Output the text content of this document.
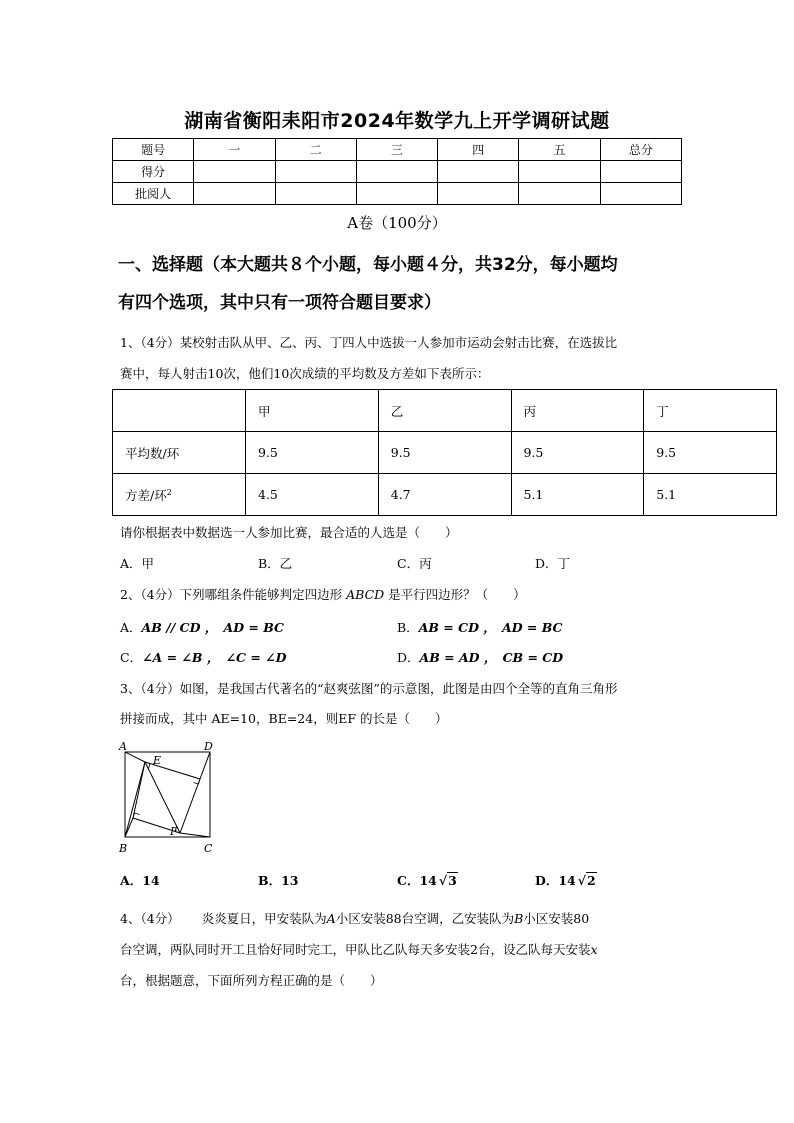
湖南省衡阳耒阳市2024年数学九上开学调研试题
题号	一	二	三	四	五	总分
得分						
批阅人						
A卷（100分）
一、选择题（本大题共８个小题，每小题４分，共32分，每小题均
有四个选项，其中只有一项符合题目要求）
1、（4分）某校射击队从甲、乙、丙、丁四人中选拔一人参加市运动会射击比赛，在选拔比
赛中，每人射击10次，他们10次成绩的平均数及方差如下表所示：
	甲	乙	丙	丁
平均数/环	9.5	9.5	9.5	9.5
方差/环$^2$	4.5	4.7	5.1	5.1
请你根据表中数据选一人参加比赛，最合适的人选是（　　）
A．甲	B．乙	C．丙	D．丁
2、（4分）下列哪组条件能够判定四边形 ABCD 是平行四边形？（　　）
A．AB // CD ，　AD = BC	B．AB = CD ，　AD = BC
C．∠A = ∠B ，　∠C = ∠D	D．AB = AD ，　CB = CD
3、（4分）如图，是我国古代著名的“赵爽弦图”的示意图，此图是由四个全等的直角三角形
拼接而成，其中 AE=10，BE=24，则EF 的长是（　　）
A	D
E
F
B	C
A．14	B．13	C．14 √3	D．14 √2
4、（4分） 炎炎夏日，甲安装队为A小区安装88台空调，乙安装队为B小区安装80
台空调，两队同时开工且恰好同时完工，甲队比乙队每天多安装2台，设乙队每天安装x
台，根据题意，下面所列方程正确的是（　　）
